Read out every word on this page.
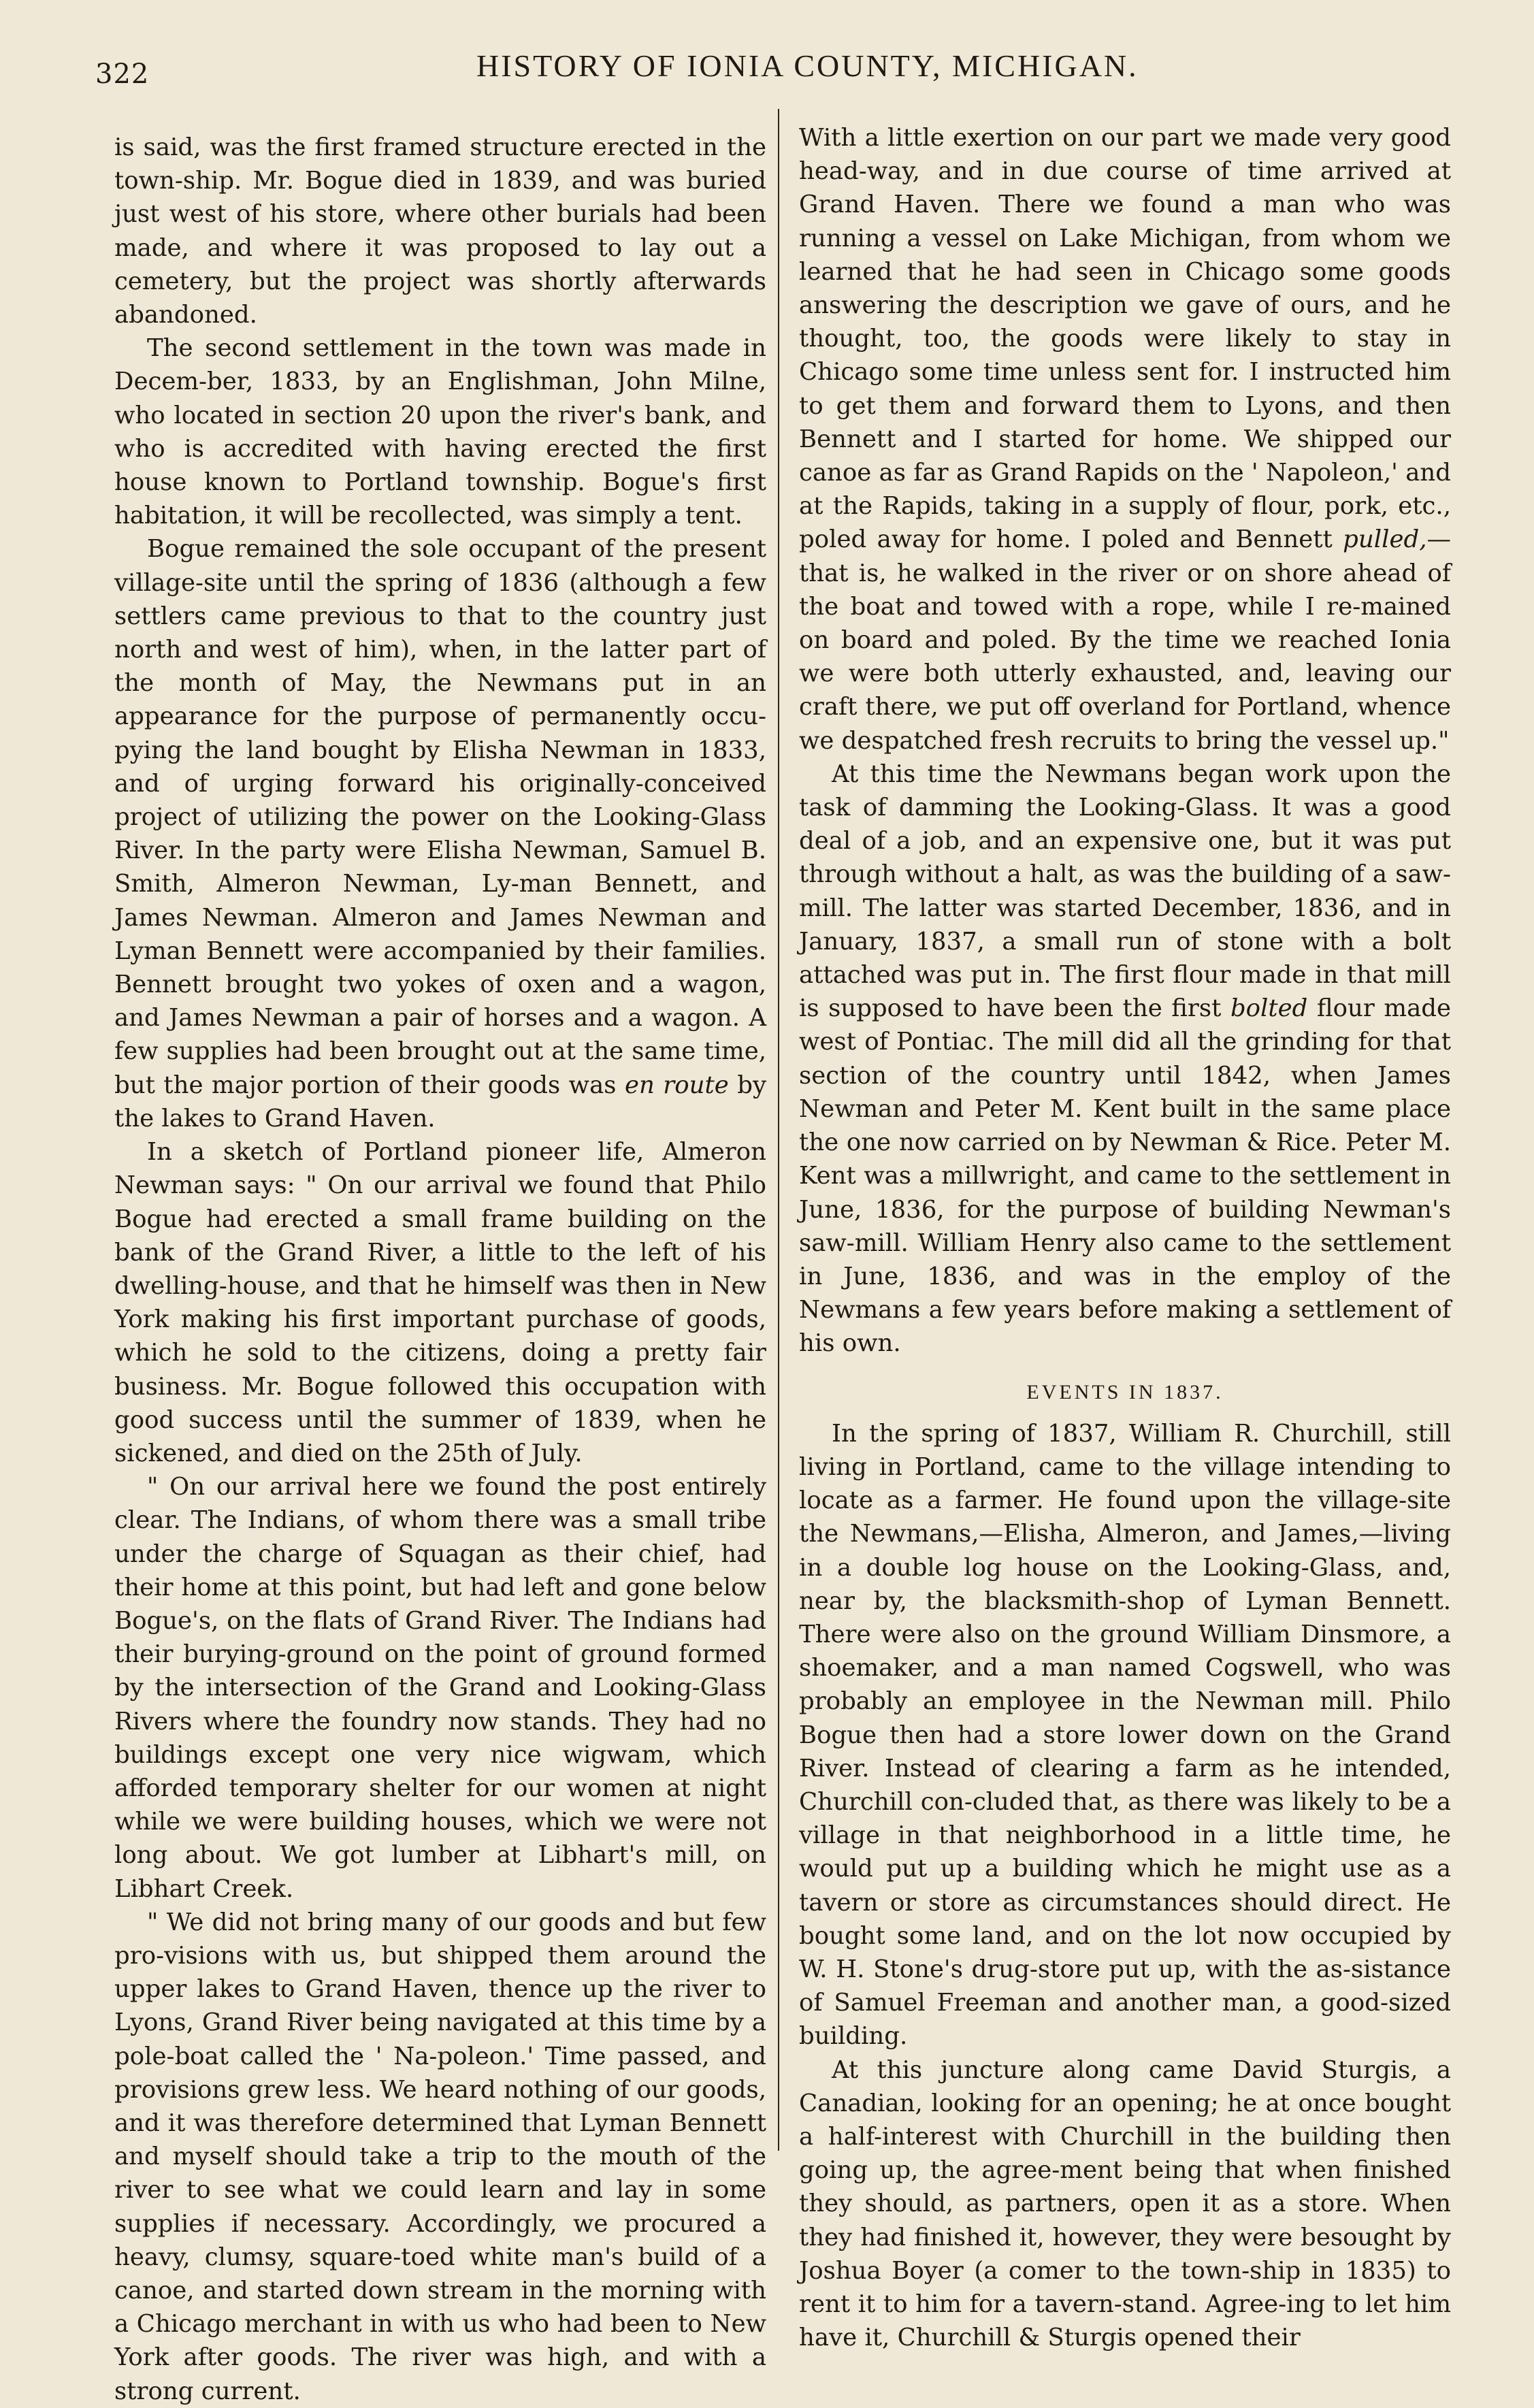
322	HISTORY OF IONIA COUNTY, MICHIGAN.

is said, was the first framed structure erected in the town-ship. Mr. Bogue died in 1839, and was buried just west of his store, where other burials had been made, and where it was proposed to lay out a cemetery, but the project was shortly afterwards abandoned.

The second settlement in the town was made in Decem-ber, 1833, by an Englishman, John Milne, who located in section 20 upon the river's bank, and who is accredited with having erected the first house known to Portland township. Bogue's first habitation, it will be recollected, was simply a tent.

Bogue remained the sole occupant of the present village-site until the spring of 1836 (although a few settlers came previous to that to the country just north and west of him), when, in the latter part of the month of May, the Newmans put in an appearance for the purpose of permanently occu-pying the land bought by Elisha Newman in 1833, and of urging forward his originally-conceived project of utilizing the power on the Looking-Glass River. In the party were Elisha Newman, Samuel B. Smith, Almeron Newman, Ly-man Bennett, and James Newman. Almeron and James Newman and Lyman Bennett were accompanied by their families. Bennett brought two yokes of oxen and a wagon, and James Newman a pair of horses and a wagon. A few supplies had been brought out at the same time, but the major portion of their goods was en route by the lakes to Grand Haven.

In a sketch of Portland pioneer life, Almeron Newman says: " On our arrival we found that Philo Bogue had erected a small frame building on the bank of the Grand River, a little to the left of his dwelling-house, and that he himself was then in New York making his first important purchase of goods, which he sold to the citizens, doing a pretty fair business. Mr. Bogue followed this occupation with good success until the summer of 1839, when he sickened, and died on the 25th of July.

" On our arrival here we found the post entirely clear. The Indians, of whom there was a small tribe under the charge of Squagan as their chief, had their home at this point, but had left and gone below Bogue's, on the flats of Grand River. The Indians had their burying-ground on the point of ground formed by the intersection of the Grand and Looking-Glass Rivers where the foundry now stands. They had no buildings except one very nice wigwam, which afforded temporary shelter for our women at night while we were building houses, which we were not long about. We got lumber at Libhart's mill, on Libhart Creek.

" We did not bring many of our goods and but few pro-visions with us, but shipped them around the upper lakes to Grand Haven, thence up the river to Lyons, Grand River being navigated at this time by a pole-boat called the ' Na-poleon.' Time passed, and provisions grew less. We heard nothing of our goods, and it was therefore determined that Lyman Bennett and myself should take a trip to the mouth of the river to see what we could learn and lay in some supplies if necessary. Accordingly, we procured a heavy, clumsy, square-toed white man's build of a canoe, and started down stream in the morning with a Chicago merchant in with us who had been to New York after goods. The river was high, and with a strong current.

With a little exertion on our part we made very good head-way, and in due course of time arrived at Grand Haven. There we found a man who was running a vessel on Lake Michigan, from whom we learned that he had seen in Chicago some goods answering the description we gave of ours, and he thought, too, the goods were likely to stay in Chicago some time unless sent for. I instructed him to get them and forward them to Lyons, and then Bennett and I started for home. We shipped our canoe as far as Grand Rapids on the ' Napoleon,' and at the Rapids, taking in a supply of flour, pork, etc., poled away for home. I poled and Bennett pulled,—that is, he walked in the river or on shore ahead of the boat and towed with a rope, while I re-mained on board and poled. By the time we reached Ionia we were both utterly exhausted, and, leaving our craft there, we put off overland for Portland, whence we despatched fresh recruits to bring the vessel up."

At this time the Newmans began work upon the task of damming the Looking-Glass. It was a good deal of a job, and an expensive one, but it was put through without a halt, as was the building of a saw-mill. The latter was started December, 1836, and in January, 1837, a small run of stone with a bolt attached was put in. The first flour made in that mill is supposed to have been the first bolted flour made west of Pontiac. The mill did all the grinding for that section of the country until 1842, when James Newman and Peter M. Kent built in the same place the one now carried on by Newman & Rice. Peter M. Kent was a millwright, and came to the settlement in June, 1836, for the purpose of building Newman's saw-mill. William Henry also came to the settlement in June, 1836, and was in the employ of the Newmans a few years before making a settlement of his own.

EVENTS IN 1837.

In the spring of 1837, William R. Churchill, still living in Portland, came to the village intending to locate as a farmer. He found upon the village-site the Newmans,—Elisha, Almeron, and James,—living in a double log house on the Looking-Glass, and, near by, the blacksmith-shop of Lyman Bennett. There were also on the ground William Dinsmore, a shoemaker, and a man named Cogswell, who was probably an employee in the Newman mill. Philo Bogue then had a store lower down on the Grand River. Instead of clearing a farm as he intended, Churchill con-cluded that, as there was likely to be a village in that neighborhood in a little time, he would put up a building which he might use as a tavern or store as circumstances should direct. He bought some land, and on the lot now occupied by W. H. Stone's drug-store put up, with the as-sistance of Samuel Freeman and another man, a good-sized building.

At this juncture along came David Sturgis, a Canadian, looking for an opening; he at once bought a half-interest with Churchill in the building then going up, the agree-ment being that when finished they should, as partners, open it as a store. When they had finished it, however, they were besought by Joshua Boyer (a comer to the town-ship in 1835) to rent it to him for a tavern-stand. Agree-ing to let him have it, Churchill & Sturgis opened their
